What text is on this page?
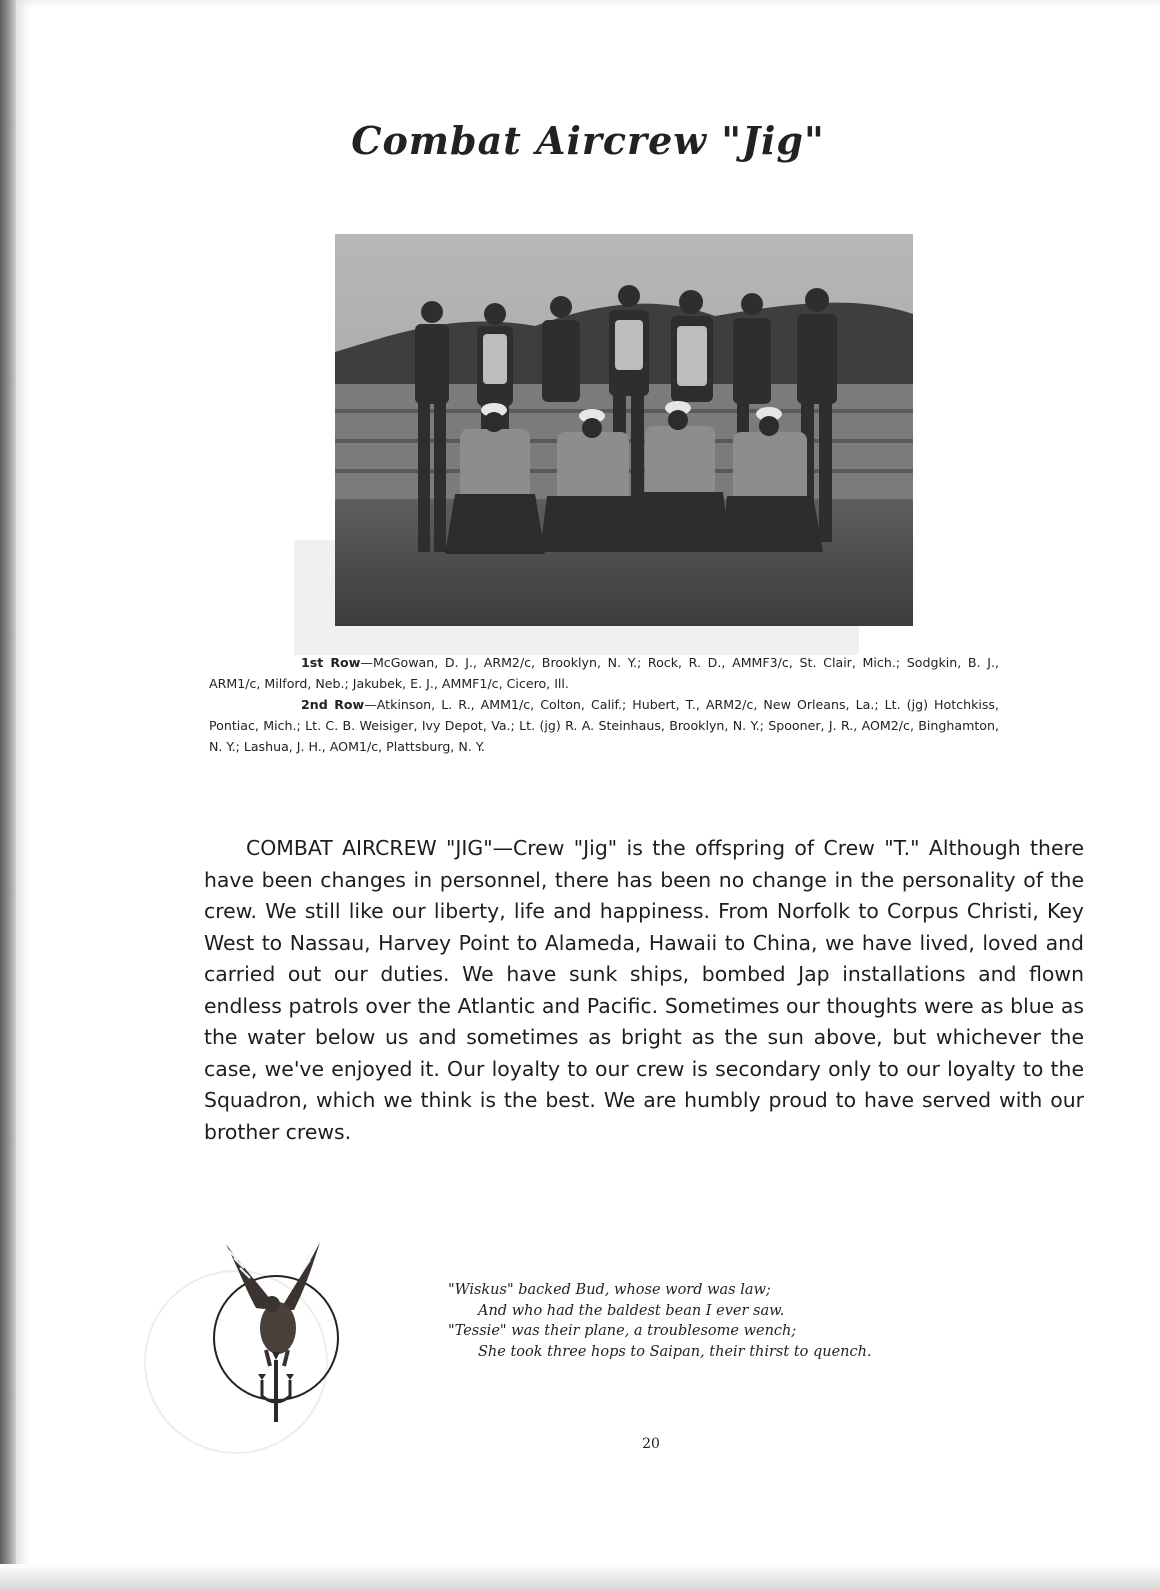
Combat Aircrew "Jig"

1st Row—McGowan, D. J., ARM2/c, Brooklyn, N. Y.; Rock, R. D., AMMF3/c, St. Clair, Mich.; Sodgkin, B. J., ARM1/c, Milford, Neb.; Jakubek, E. J., AMMF1/c, Cicero, Ill.

2nd Row—Atkinson, L. R., AMM1/c, Colton, Calif.; Hubert, T., ARM2/c, New Orleans, La.; Lt. (jg) Hotchkiss, Pontiac, Mich.; Lt. C. B. Weisiger, Ivy Depot, Va.; Lt. (jg) R. A. Steinhaus, Brooklyn, N. Y.; Spooner, J. R., AOM2/c, Binghamton, N. Y.; Lashua, J. H., AOM1/c, Plattsburg, N. Y.

COMBAT AIRCREW "JIG"—Crew "Jig" is the offspring of Crew "T." Although there have been changes in personnel, there has been no change in the personality of the crew. We still like our liberty, life and happiness. From Norfolk to Corpus Christi, Key West to Nassau, Harvey Point to Alameda, Hawaii to China, we have lived, loved and carried out our duties. We have sunk ships, bombed Jap installations and flown endless patrols over the Atlantic and Pacific. Sometimes our thoughts were as blue as the water below us and sometimes as bright as the sun above, but whichever the case, we've enjoyed it. Our loyalty to our crew is secondary only to our loyalty to the Squadron, which we think is the best. We are humbly proud to have served with our brother crews.

"Wiskus" backed Bud, whose word was law;
And who had the baldest bean I ever saw.
"Tessie" was their plane, a troublesome wench;
She took three hops to Saipan, their thirst to quench.
20
